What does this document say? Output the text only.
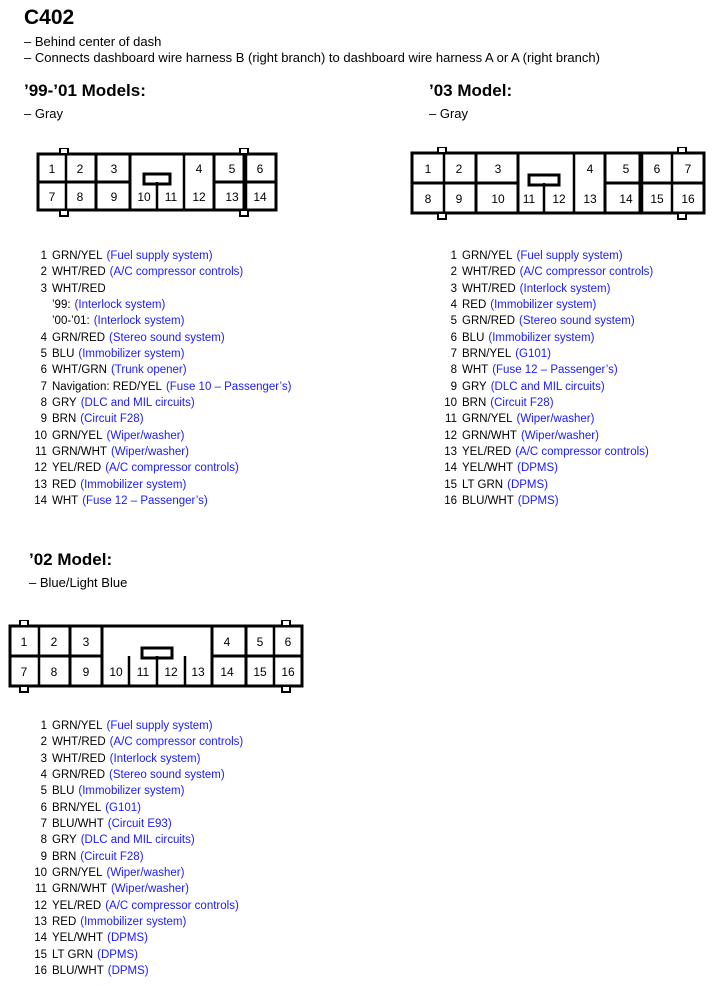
C402
– Behind center of dash
– Connects dashboard wire harness B (right branch) to dashboard wire harness A or A (right branch)
’99-’01 Models:
– Gray
1 2 3	4 5 6
7 8 9 10 11 12 13 14
1 GRN/YEL (Fuel supply system)
2 WHT/RED (A/C compressor controls)
3 WHT/RED
’99: (Interlock system)
’00-’01: (Interlock system)
4 GRN/RED (Stereo sound system)
5 BLU (Immobilizer system)
6 WHT/GRN (Trunk opener)
7 Navigation: RED/YEL (Fuse 10 – Passenger’s)
8 GRY (DLC and MIL circuits)
9 BRN (Circuit F28)
10 GRN/YEL (Wiper/washer)
11 GRN/WHT (Wiper/washer)
12 YEL/RED (A/C compressor controls)
13 RED (Immobilizer system)
14 WHT (Fuse 12 – Passenger’s)
’03 Model:
– Gray
1 2	3	4 5 6 7
8 9 10 11 12 13 14 15 16
1 GRN/YEL (Fuel supply system)
2 WHT/RED (A/C compressor controls)
3 WHT/RED (Interlock system)
4 RED (Immobilizer system)
5 GRN/RED (Stereo sound system)
6 BLU (Immobilizer system)
7 BRN/YEL (G101)
8 WHT (Fuse 12 – Passenger’s)
9 GRY (DLC and MIL circuits)
10 BRN (Circuit F28)
11 GRN/YEL (Wiper/washer)
12 GRN/WHT (Wiper/washer)
13 YEL/RED (A/C compressor controls)
14 YEL/WHT (DPMS)
15 LT GRN (DPMS)
16 BLU/WHT (DPMS)
’02 Model:
– Blue/Light Blue
1 2 3	4 5 6
7 8 9 10 11 12 13 14 15 16
1 GRN/YEL (Fuel supply system)
2 WHT/RED (A/C compressor controls)
3 WHT/RED (Interlock system)
4 GRN/RED (Stereo sound system)
5 BLU (Immobilizer system)
6 BRN/YEL (G101)
7 BLU/WHT (Circuit E93)
8 GRY (DLC and MIL circuits)
9 BRN (Circuit F28)
10 GRN/YEL (Wiper/washer)
11 GRN/WHT (Wiper/washer)
12 YEL/RED (A/C compressor controls)
13 RED (Immobilizer system)
14 YEL/WHT (DPMS)
15 LT GRN (DPMS)
16 BLU/WHT (DPMS)
